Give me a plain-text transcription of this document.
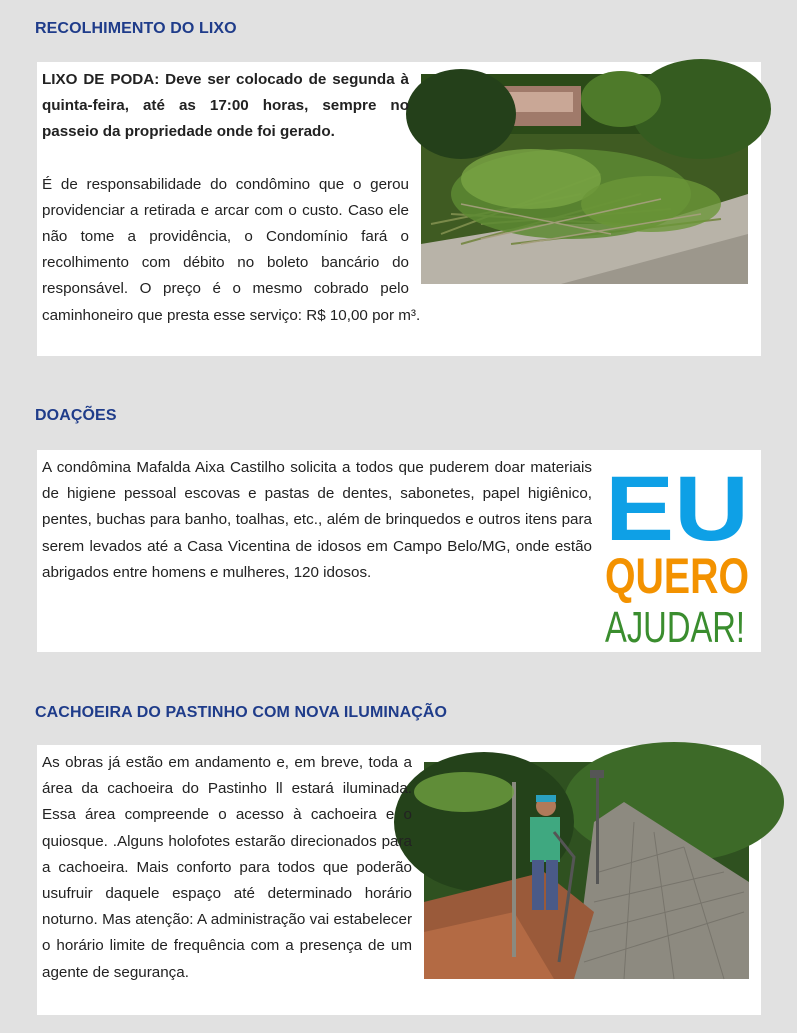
RECOLHIMENTO DO LIXO

LIXO DE PODA: Deve ser colocado de segunda à quinta-feira, até as 17:00 horas, sempre no passeio da propriedade onde foi gerado.

É de responsabilidade do condômino que o gerou providenciar a retirada e arcar com o custo. Caso ele não tome a providência, o Condomínio fará o recolhimento com débito no boleto bancário do responsável. O preço é o mesmo cobrado pelo caminhoneiro que presta esse serviço: R$ 10,00 por m³.

DOAÇÕES
EU
QUERO
AJUDAR!

A condômina Mafalda Aixa Castilho solicita a todos que puderem doar materiais de higiene pessoal escovas e pastas de dentes, sabonetes, papel higiênico, pentes, buchas para banho, toalhas, etc., além de brinquedos e outros itens para serem levados até a Casa Vicentina de idosos em Campo Belo/MG, onde estão abrigados entre homens e mulheres, 120 idosos.

CACHOEIRA DO PASTINHO COM NOVA ILUMINAÇÃO

As obras já estão em andamento e, em breve, toda a área da cachoeira do Pastinho ll estará iluminada. Essa área compreende o acesso à cachoeira e o quiosque. .Alguns holofotes estarão direcionados para a cachoeira. Mais conforto para todos que poderão usufruir daquele espaço até determinado horário noturno. Mas atenção: A administração vai estabelecer o horário limite de frequência com a presença de um agente de segurança.
